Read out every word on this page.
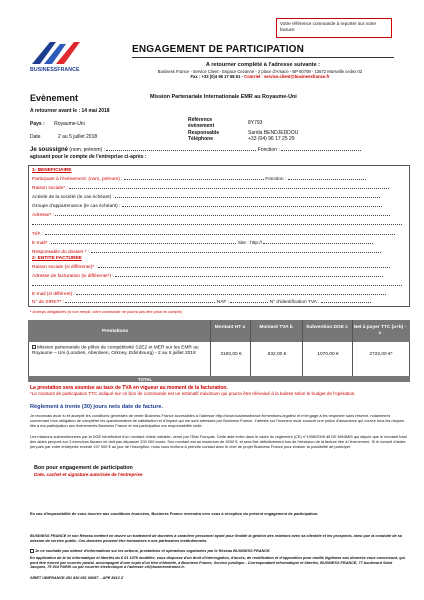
Votre référence commande à reporter sur notre facture:
BUSINESSFRANCE
ENGAGEMENT DE PARTICIPATION
A retourner complété à l'adresse suivante :
Business France - Service Client - Espace Cezanne - 2 place d'Arsace - BP 60708 - 13572 Marseille cedex 02
Fax : +33 (0)4 96 17 68 61 - Courriel : service.client@businessfrance.fr
Evènement	Mission Partenariale Internationale EMR au Royaume-Uni
A retourner avant le : 14 mai 2018
Pays : Royaume-Uni
Date	2 au 5 juillet 2018
Référence évènement	8Y793
Responsable	Sarida BENDJEDDOU
Téléphone	+33 (04) 96 17 25 29
Je soussigné (nom, prénom) :	Fonction :
agissant pour le compte de l'entreprise ci-après :
1- BENEFICIAIRE
Participant à l'évènement: (nom, prénom) :	Fonction :
Raison sociale* :
Activité de la société (le cas échéant) :
Groupe d'appartenance (le cas échéant) :
Adresse* :
Tél* :
E-mail* :	Site : http://
Responsable du dossier * :
2- ENTITE FACTUREE
Raison sociale (si différente)* :
Adresse de facturation (si différente*) :
E-mail (si différent) :
N° de SIRET* :	NAF :	N° d'identification TVA :
* champs obligatoires (si non rempli, votre commande ne pourra pas être prise en compte)
Prestations
Montant HT a	Montant TVA b	Subvention DGE c	Net à payer TTC (a+b) - c
Mission partenariale de pôles de compétitivité S2E2 et MER sur les EMR au Royaume – Uni (Londres, Aberdeen, Orkney, Edimbourg) - 2 au 5 juillet 2018	3160,00 €	632,00 €	1070,00 €	2722,00 €*
TOTAL
La prestation sera soumise au taux de TVA en vigueur au moment de la facturation.
*Le montant de participation TTC indiqué sur ce bon de commande est un estimatif maximum qui pourra être réévalué à la baisse selon le budget de l'opération.
Règlement à trente (30) jours nets date de facture.
Je reconnais avoir lu et accepté les conditions générales de vente Business France accessibles à l'adresse http://www.businessfrance.fr/mentions-legales/ et m'engage à les respecter sans réserve, notamment concernant mon obligation de compléter les questionnaires de satisfaction et d'impact qui me sont adressés par Business France. J'atteste sur l'honneur avoir souscrit une police d'assurance qui couvre tous les risques liés à ma participation aux événements Business France et ma participation ma responsabilité civile.
Les missions subventionnées par la DGE bénéficient d'un montant d'aide variable, versé par l'Etat Français. Cette aide entre dans le cadre du règlement (CE) n°1998/2006 dit DE MINIMIS qui stipule que le montant total des aides perçues sur 3 exercices fiscaux ne doit pas dépasser 200 000 euros. Son montant est au maximum de 3000 €, et sera fixé définitivement lors de l'émission de la facture liée à l'évènement. Si le conseil d'aides perçues par votre entreprise excède 197 000 € au jour de l'inscription, nous vous invitons à prendre contact avec le chef de projet Business France pour évaluer la possibilité de participer.
Bon pour engagement de participation
Date, cachet et signature autorisée de l'entreprise
En cas d'impossibilité de vous inscrire aux conditions énoncées, Business France reviendra vers vous à réception du présent engagement de participation.
BUSINESS FRANCE et son Réseau mettent en œuvre un traitement de données à caractère personnel ayant pour finalité la gestion des relations avec sa clientèle et les prospects, ainsi que la conduite de sa mission de service public. Ces données peuvent être transmises à nos partenaires institutionnels.
Je ne souhaite pas obtenir d'informations sur les actions, prestations et opérations organisées par le Réseau BUSINESS FRANCE.
En application de la loi Informatique et libertés du 6 01 1978 modifiée, vous disposez d'un droit d'interrogation, d'accès, de rectification et d'opposition pour motifs légitimes aux données vous concernant, qui peut être exercé par courrier postal, accompagné d'une copie d'un titre d'identité, à Business France, Service juridique - Correspondant informatique et libertés, BUSINESS FRANCE, 77 boulevard Saint Jacques, 75 014 PARIS ou par courrier électronique à l'adresse cil@businessfrance.fr.
SIRET UBIFRANCE 451 930 051 00057 – APE 8413 Z
